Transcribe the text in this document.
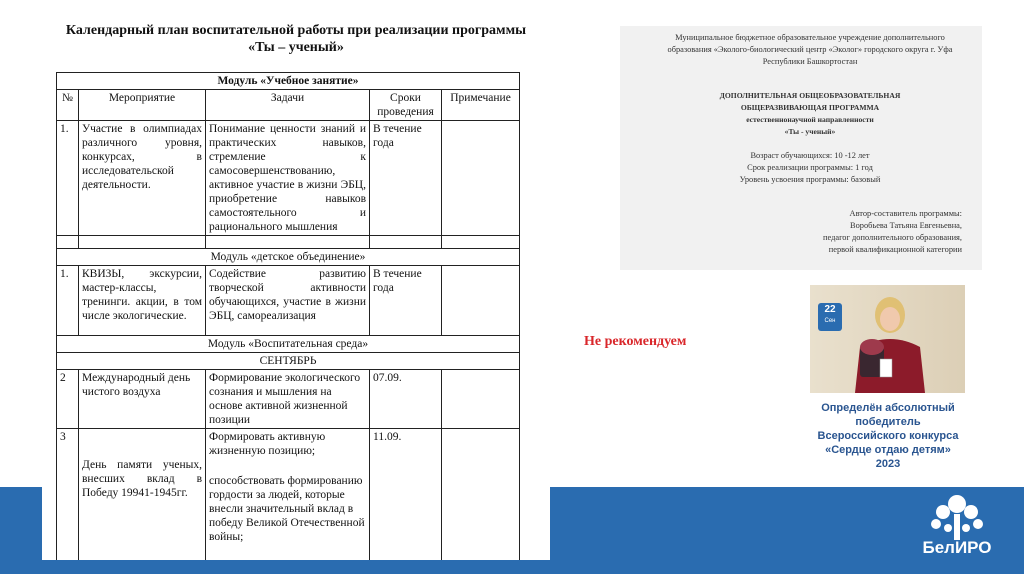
Календарный план воспитательной работы при реализации программы
«Ты – ученый»
Модуль «Учебное занятие»				
№	Мероприятие	Задачи	Сроки проведения	Примечание
1.	Участие в олимпиадах различного уровня, конкурсах, в исследовательской деятельности.	Понимание ценности знаний и практических навыков, стремление к самосовершенствованию, активное участие в жизни ЭБЦ, приобретение навыков самостоятельного и рационального мышления	В течение года	

Модуль «детское объединение»				
1.	КВИЗЫ, экскурсии, мастер-классы, тренинги. акции, в том числе экологические.	Содействие развитию творческой активности обучающихся, участие в жизни ЭБЦ, самореализация	В течение года	
Модуль «Воспитательная среда»				
СЕНТЯБРЬ				
2	Международный день чистого воздуха	Формирование экологического сознания и мышления на основе активной жизненной позиции	07.09.	
3	День памяти ученых, внесших вклад в Победу 19941-1945гг.	Формировать активную жизненную позицию;
способствовать формированию гордости за людей, которые внесли значительный вклад в победу Великой Отечественной войны;	11.09.	
Не рекомендуем
Муниципальное бюджетное образовательное учреждение дополнительного
образования «Эколого-биологический центр «Эколог» городского округа г. Уфа
Республики Башкортостан
ДОПОЛНИТЕЛЬНАЯ ОБЩЕОБРАЗОВАТЕЛЬНАЯ
ОБЩЕРАЗВИВАЮЩАЯ ПРОГРАММА
естественнонаучной направленности
«Ты - ученый»
Возраст обучающихся: 10 -12 лет
Срок реализации программы: 1 год
Уровень усвоения программы: базовый
Автор-составитель программы:
Воробьева Татьяна Евгеньевна,
педагог дополнительного образования,
первой квалификационной категории
22
Сен
Определён абсолютный
победитель
Всероссийского конкурса
«Сердце отдаю детям»
2023
БелИРО
